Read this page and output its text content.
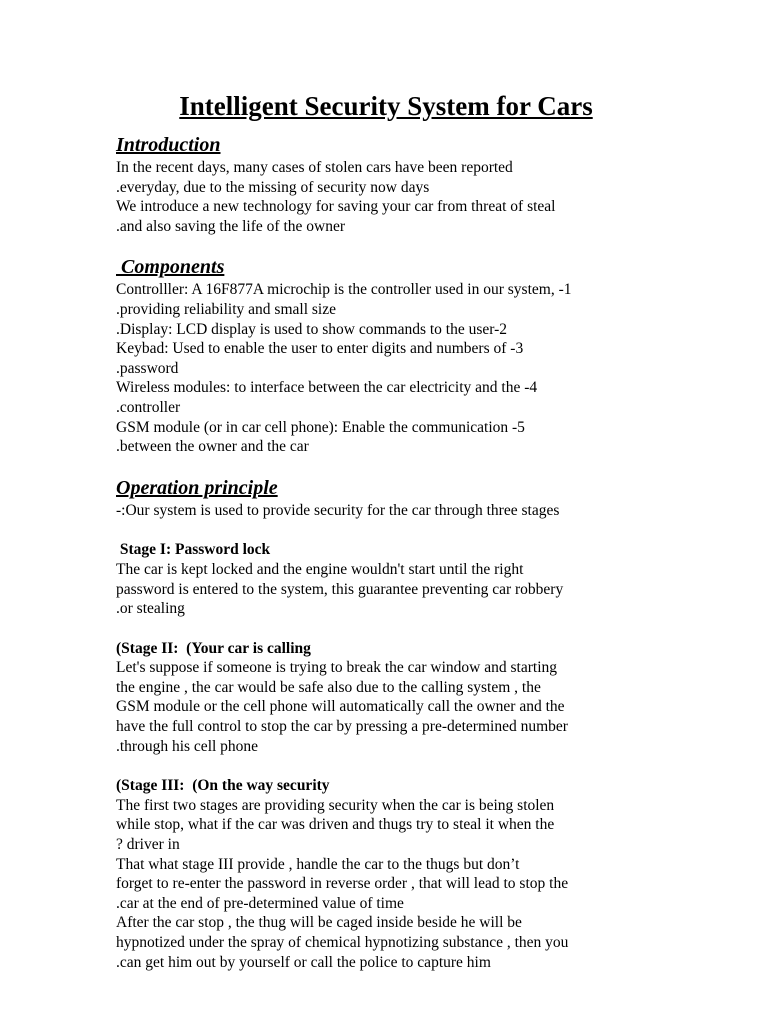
Intelligent Security System for Cars
Introduction

In the recent days, many cases of stolen cars have been reported

.everyday, due to the missing of security now days

We introduce a new technology for saving your car from threat of steal

.and also saving the life of the owner

Components

Controlller: A 16F877A microchip is the controller used in our system, -1

.providing reliability and small size

.Display: LCD display is used to show commands to the user-2

Keybad: Used to enable the user to enter digits and numbers of -3

.password

Wireless modules: to interface between the car electricity and the -4

.controller

GSM module (or in car cell phone): Enable the communication -5

.between the owner and the car

Operation principle

-:Our system is used to provide security for the car through three stages

Stage I: Password lock

The car is kept locked and the engine wouldn't start until the right

password is entered to the system, this guarantee preventing car robbery

.or stealing

(Stage II:  (Your car is calling

Let's suppose if someone is trying to break the car window and starting

the engine , the car would be safe also due to the calling system , the

GSM module or the cell phone will automatically call the owner and the

have the full control to stop the car by pressing a pre-determined number

.through his cell phone

(Stage III:  (On the way security

The first two stages are providing security when the car is being stolen

while stop, what if the car was driven and thugs try to steal it when the

? driver in

That what stage III provide , handle the car to the thugs but don’t

forget to re-enter the password in reverse order , that will lead to stop the

.car at the end of pre-determined value of time

After the car stop , the thug will be caged inside beside he will be

hypnotized under the spray of chemical hypnotizing substance , then you

.can get him out by yourself or call the police to capture him
